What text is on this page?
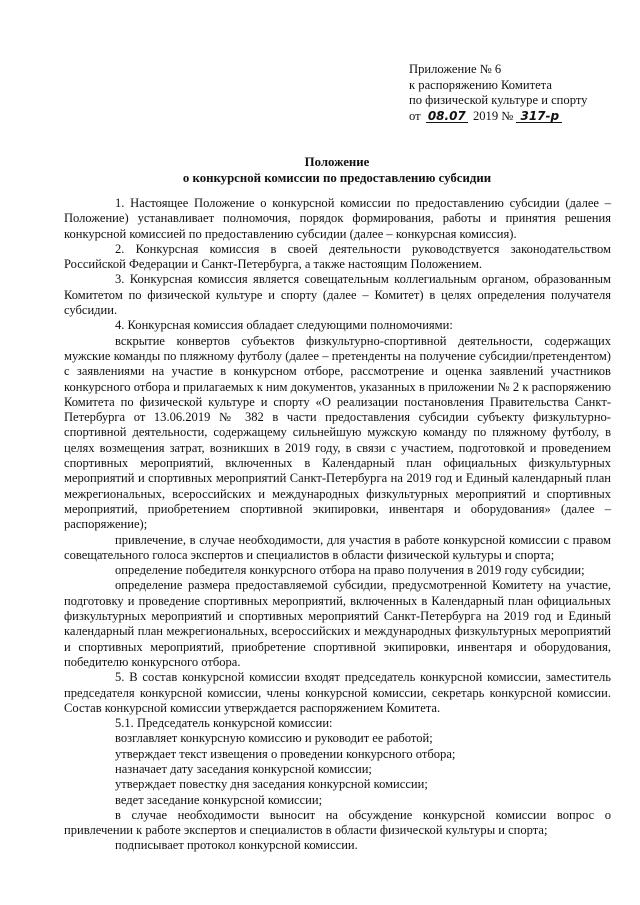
Приложение № 6
к распоряжению Комитета
по физической культуре и спорту
от 08.07 2019 № 317-р
Положение
о конкурсной комиссии по предоставлению субсидии

1. Настоящее Положение о конкурсной комиссии по предоставлению субсидии (далее – Положение) устанавливает полномочия, порядок формирования, работы и принятия решения конкурсной комиссией по предоставлению субсидии (далее – конкурсная комиссия).

2. Конкурсная комиссия в своей деятельности руководствуется законодательством Российской Федерации и Санкт-Петербурга, а также настоящим Положением.

3. Конкурсная комиссия является совещательным коллегиальным органом, образованным Комитетом по физической культуре и спорту (далее – Комитет) в целях определения получателя субсидии.

4. Конкурсная комиссия обладает следующими полномочиями:

вскрытие конвертов субъектов физкультурно-спортивной деятельности, содержащих мужские команды по пляжному футболу (далее – претенденты на получение субсидии/претендентом) с заявлениями на участие в конкурсном отборе, рассмотрение и оценка заявлений участников конкурсного отбора и прилагаемых к ним документов, указанных в приложении № 2 к распоряжению Комитета по физической культуре и спорту «О реализации постановления Правительства Санкт-Петербурга от 13.06.2019 № 382 в части предоставления субсидии субъекту физкультурно-спортивной деятельности, содержащему сильнейшую мужскую команду по пляжному футболу, в целях возмещения затрат, возникших в 2019 году, в связи с участием, подготовкой и проведением спортивных мероприятий, включенных в Календарный план официальных физкультурных мероприятий и спортивных мероприятий Санкт-Петербурга на 2019 год и Единый календарный план межрегиональных, всероссийских и международных физкультурных мероприятий и спортивных мероприятий, приобретением спортивной экипировки, инвентаря и оборудования» (далее – распоряжение);

привлечение, в случае необходимости, для участия в работе конкурсной комиссии с правом совещательного голоса экспертов и специалистов в области физической культуры и спорта;

определение победителя конкурсного отбора на право получения в 2019 году субсидии;

определение размера предоставляемой субсидии, предусмотренной Комитету на участие, подготовку и проведение спортивных мероприятий, включенных в Календарный план официальных физкультурных мероприятий и спортивных мероприятий Санкт-Петербурга на 2019 год и Единый календарный план межрегиональных, всероссийских и международных физкультурных мероприятий и спортивных мероприятий, приобретение спортивной экипировки, инвентаря и оборудования, победителю конкурсного отбора.

5. В состав конкурсной комиссии входят председатель конкурсной комиссии, заместитель председателя конкурсной комиссии, члены конкурсной комиссии, секретарь конкурсной комиссии. Состав конкурсной комиссии утверждается распоряжением Комитета.

5.1. Председатель конкурсной комиссии:

возглавляет конкурсную комиссию и руководит ее работой;

утверждает текст извещения о проведении конкурсного отбора;

назначает дату заседания конкурсной комиссии;

утверждает повестку дня заседания конкурсной комиссии;

ведет заседание конкурсной комиссии;

в случае необходимости выносит на обсуждение конкурсной комиссии вопрос о привлечении к работе экспертов и специалистов в области физической культуры и спорта;

подписывает протокол конкурсной комиссии.
